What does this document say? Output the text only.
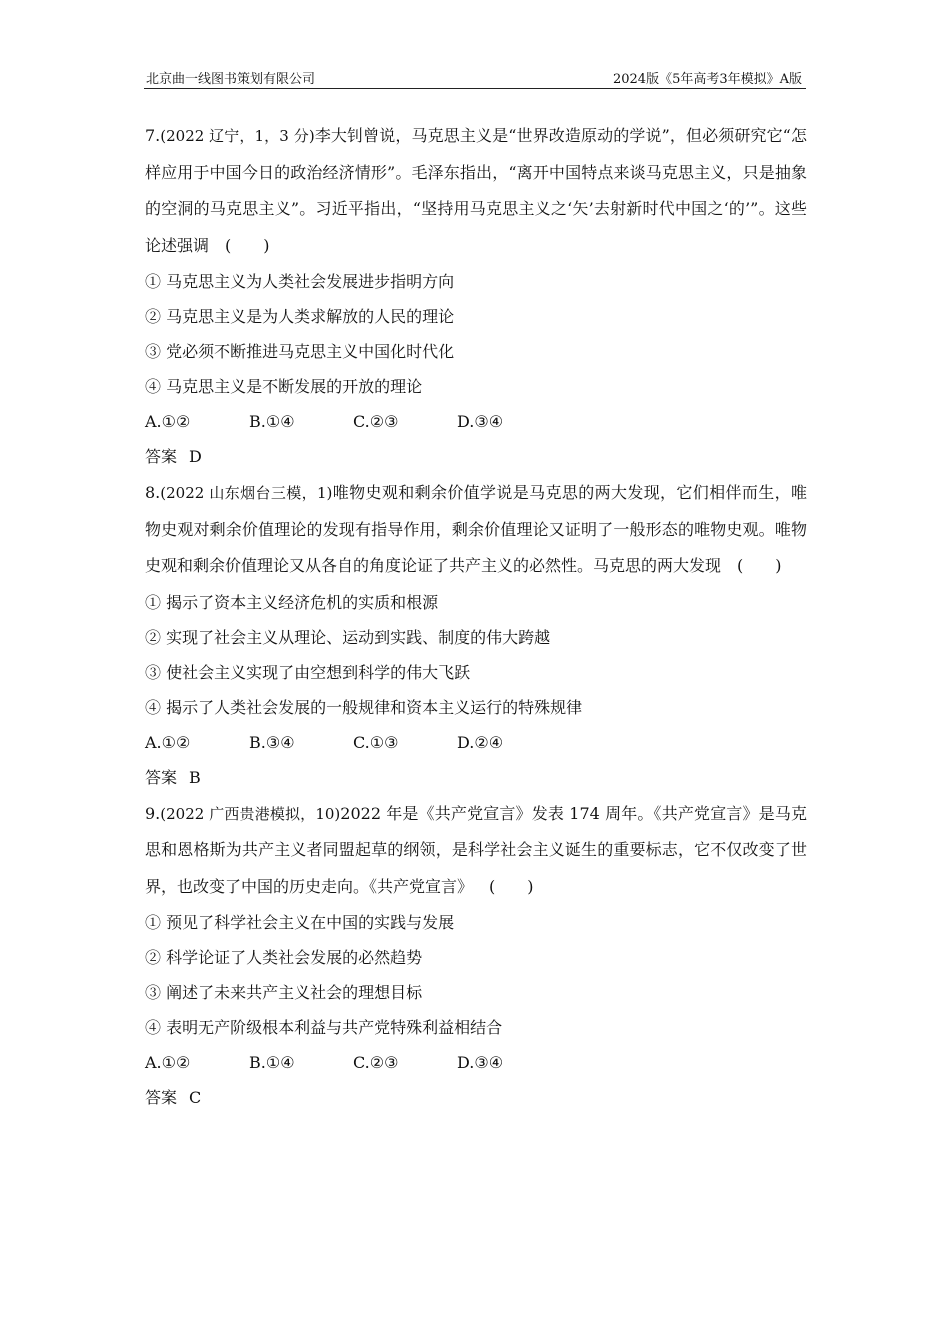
北京曲一线图书策划有限公司	2024版《5年高考3年模拟》A版
7.(2022 辽宁，1，3 分)李大钊曾说，马克思主义是“世界改造原动的学说”，但必须研究它“怎样应用于中国今日的政治经济情形”。毛泽东指出，“离开中国特点来谈马克思主义，只是抽象的空洞的马克思主义”。习近平指出，“坚持用马克思主义之‘矢’去射新时代中国之‘的’”。这些论述强调 (　　)
① 马克思主义为人类社会发展进步指明方向
② 马克思主义是为人类求解放的人民的理论
③ 党必须不断推进马克思主义中国化时代化
④ 马克思主义是不断发展的开放的理论
A.①②	B.①④	C.②③	D.③④
答案 D
8.(2022 山东烟台三模，1)唯物史观和剩余价值学说是马克思的两大发现，它们相伴而生，唯物史观对剩余价值理论的发现有指导作用，剩余价值理论又证明了一般形态的唯物史观。唯物史观和剩余价值理论又从各自的角度论证了共产主义的必然性。马克思的两大发现 (　　)
① 揭示了资本主义经济危机的实质和根源
② 实现了社会主义从理论、运动到实践、制度的伟大跨越
③ 使社会主义实现了由空想到科学的伟大飞跃
④ 揭示了人类社会发展的一般规律和资本主义运行的特殊规律
A.①②	B.③④	C.①③	D.②④
答案 B
9.(2022 广西贵港模拟，10)2022 年是《共产党宣言》发表 174 周年。《共产党宣言》是马克思和恩格斯为共产主义者同盟起草的纲领，是科学社会主义诞生的重要标志，它不仅改变了世界，也改变了中国的历史走向。《共产党宣言》 (　　)
① 预见了科学社会主义在中国的实践与发展
② 科学论证了人类社会发展的必然趋势
③ 阐述了未来共产主义社会的理想目标
④ 表明无产阶级根本利益与共产党特殊利益相结合
A.①②	B.①④	C.②③	D.③④
答案 C
